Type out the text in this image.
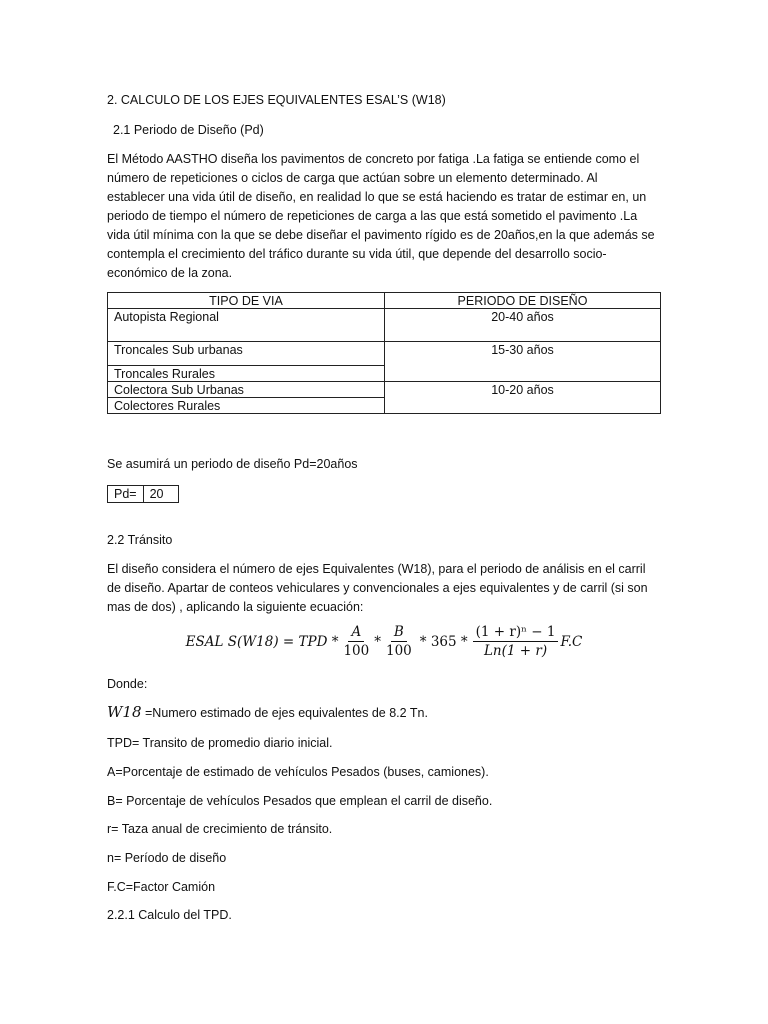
2. CALCULO DE LOS EJES EQUIVALENTES ESAL’S (W18)
2.1 Periodo de Diseño (Pd)
El Método AASTHO diseña los pavimentos de concreto por fatiga .La fatiga se entiende como el
número de repeticiones o ciclos de carga que actúan sobre un elemento determinado. Al
establecer una vida útil de diseño, en realidad lo que se está haciendo es tratar de estimar en, un
periodo de tiempo el número de repeticiones de carga a las que está sometido el pavimento .La
vida útil mínima con la que se debe diseñar el pavimento rígido es de 20años,en la que además se
contempla el crecimiento del tráfico durante su vida útil, que depende del desarrollo socio-
económico de la zona.
TIPO DE VIA	PERIODO DE DISEÑO
Autopista Regional	20-40 años
Troncales Sub urbanas	15-30 años
Troncales Rurales	
Colectora Sub Urbanas	10-20 años
Colectores Rurales	
Se asumirá un periodo de diseño Pd=20años
Pd=	20
2.2 Tránsito
El diseño considera el número de ejes Equivalentes (W18), para el periodo de análisis en el carril
de diseño. Apartar de conteos vehiculares y convencionales a ejes equivalentes y de carril (si son
mas de dos) , aplicando la siguiente ecuación:
ESAL S(W18) = TPD * $\frac{A}{100} * \frac{B}{100} * 365 * \frac{\text{(1 + r)ⁿ − 1}}{Ln(1 + r)} F.C$
Donde:
W18 =Numero estimado de ejes equivalentes de 8.2 Tn.
TPD= Transito de promedio diario inicial.
A=Porcentaje de estimado de vehículos Pesados (buses, camiones).
B= Porcentaje de vehículos Pesados que emplean el carril de diseño.
r= Taza anual de crecimiento de tránsito.
n= Período de diseño
F.C=Factor Camión
2.2.1 Calculo del TPD.
